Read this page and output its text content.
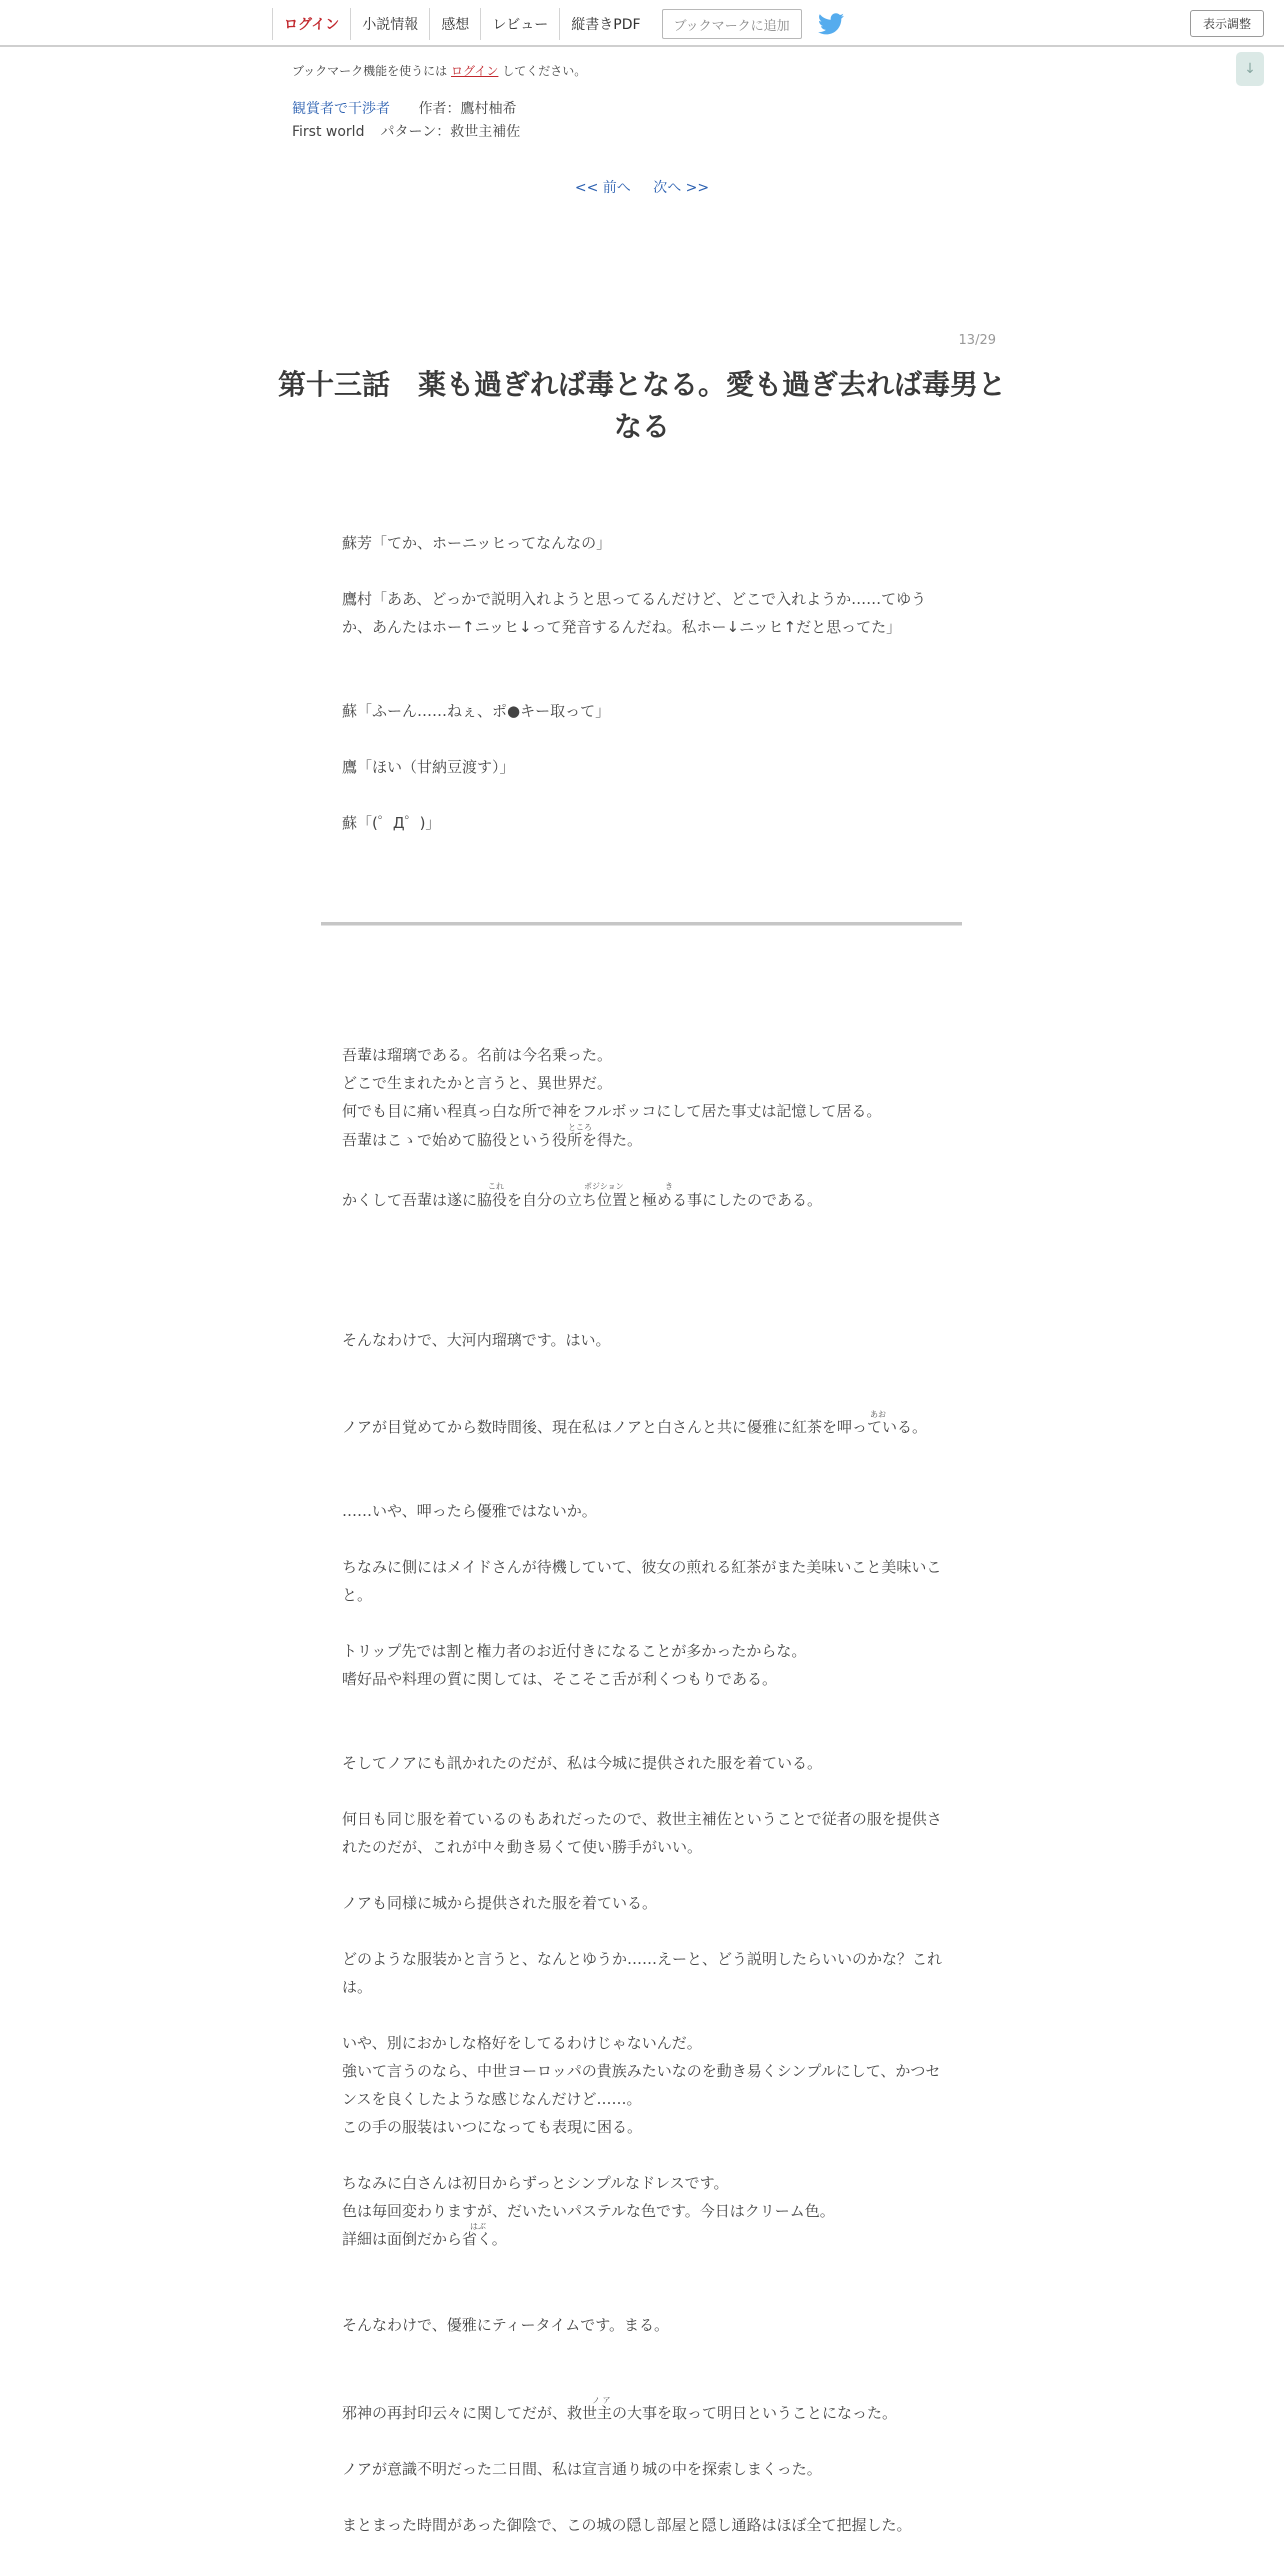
ログイン	小説情報	感想	レビュー	縦書きPDF	ブックマークに追加	表示調整
↓
ブックマーク機能を使うには ログイン してください。
観賞者で干渉者 作者：鷹村柚希
First world パターン：救世主補佐
<< 前へ 次へ >>
13/29
第十三話　薬も過ぎれば毒となる。愛も過ぎ去れば毒男となる
蘇芳「てか、ホーニッヒってなんなの」
鷹村「ああ、どっかで説明入れようと思ってるんだけど、どこで入れようか……てゆうか、あんたはホー↑ニッヒ↓って発音するんだね。私ホー↓ニッヒ↑だと思ってた」
蘇「ふーん……ねぇ、ポ●キー取って」
鷹「ほい（甘納豆渡す）」
蘇「(゜Д゜)」
吾輩は瑠璃である。名前は今名乗った。
どこで生まれたかと言うと、異世界だ。
何でも目に痛い程真っ白な所で神をフルボッコにして居た事丈は記憶して居る。
ところ
吾輩はこゝで始めて脇役という役所を得た。
これ	ポジション	き
かくして吾輩は遂に脇役を自分の立ち位置と極める事にしたのである。
そんなわけで、大河内瑠璃です。はい。
あお
ノアが目覚めてから数時間後、現在私はノアと白さんと共に優雅に紅茶を呷っている。
……いや、呷ったら優雅ではないか。
ちなみに側にはメイドさんが待機していて、彼女の煎れる紅茶がまた美味いこと美味いこと。
トリップ先では割と権力者のお近付きになることが多かったからな。
嗜好品や料理の質に関しては、そこそこ舌が利くつもりである。
そしてノアにも訊かれたのだが、私は今城に提供された服を着ている。
何日も同じ服を着ているのもあれだったので、救世主補佐ということで従者の服を提供されたのだが、これが中々動き易くて使い勝手がいい。
ノアも同様に城から提供された服を着ている。
どのような服装かと言うと、なんとゆうか……えーと、どう説明したらいいのかな？これは。
いや、別におかしな格好をしてるわけじゃないんだ。
強いて言うのなら、中世ヨーロッパの貴族みたいなのを動き易くシンプルにして、かつセンスを良くしたような感じなんだけど……。
この手の服装はいつになっても表現に困る。
ちなみに白さんは初日からずっとシンプルなドレスです。
色は毎回変わりますが、だいたいパステルな色です。今日はクリーム色。
はぶ
詳細は面倒だから省く。
そんなわけで、優雅にティータイムです。まる。
ノ ア
邪神の再封印云々に関してだが、救世主の大事を取って明日ということになった。
ノアが意識不明だった二日間、私は宣言通り城の中を探索しまくった。
まとまった時間があった御陰で、この城の隠し部屋と隠し通路はほぼ全て把握した。
